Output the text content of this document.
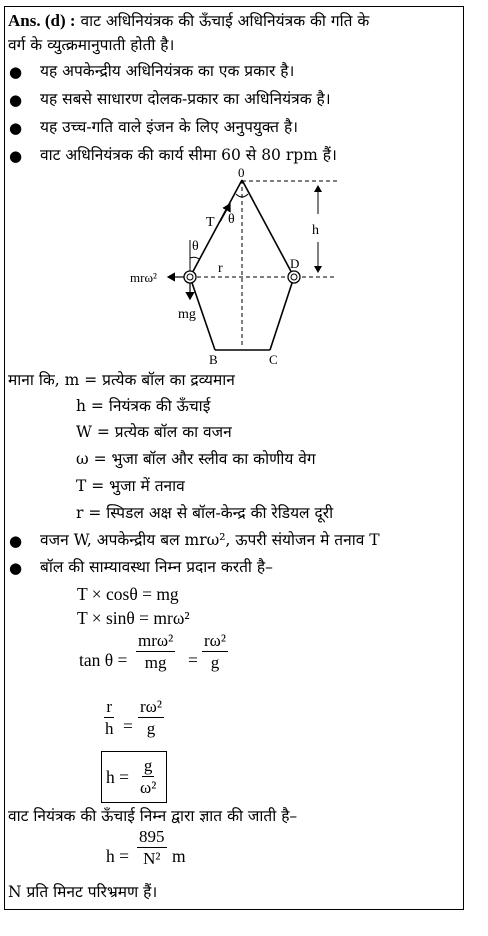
Ans. (d) : वाट अधिनियंत्रक की ऊँचाई अधिनियंत्रक की गति के
वर्ग के व्युत्क्रमानुपाती होती है।
● यह अपकेन्द्रीय अधिनियंत्रक का एक प्रकार है।
● यह सबसे साधारण दोलक-प्रकार का अधिनियंत्रक है।
● यह उच्च-गति वाले इंजन के लिए अनुपयुक्त है।
● वाट अधिनियंत्रक की कार्य सीमा 60 से 80 rpm हैं।
0
T θ
θ
h
r
mrω²
mg
B	C
D
माना कि, m = प्रत्येक बॉल का द्रव्यमान
h = नियंत्रक की ऊँचाई
W = प्रत्येक बॉल का वजन
ω = भुजा बॉल और स्लीव का कोणीय वेग
T = भुजा में तनाव
r = स्पिडल अक्ष से बॉल-केन्द्र की रेडियल दूरी
● वजन W, अपकेन्द्रीय बल mrω², ऊपरी संयोजन मे तनाव T
● बॉल की साम्यावस्था निम्न प्रदान करती है–
T × cosθ = mg
T × sinθ = mrω²
tan θ =
mrω²
mg = $\frac{\text{rω²}}{g}$
$\frac{r}{h} = \frac{\text{rω²}}{g}$
$h = \frac{g}{\text{ω²}}$
वाट नियंत्रक की ऊँचाई निम्न द्वारा ज्ञात की जाती है–
$h = \frac{895}{\text{N²}}$ m
N प्रति मिनट परिभ्रमण हैं।
